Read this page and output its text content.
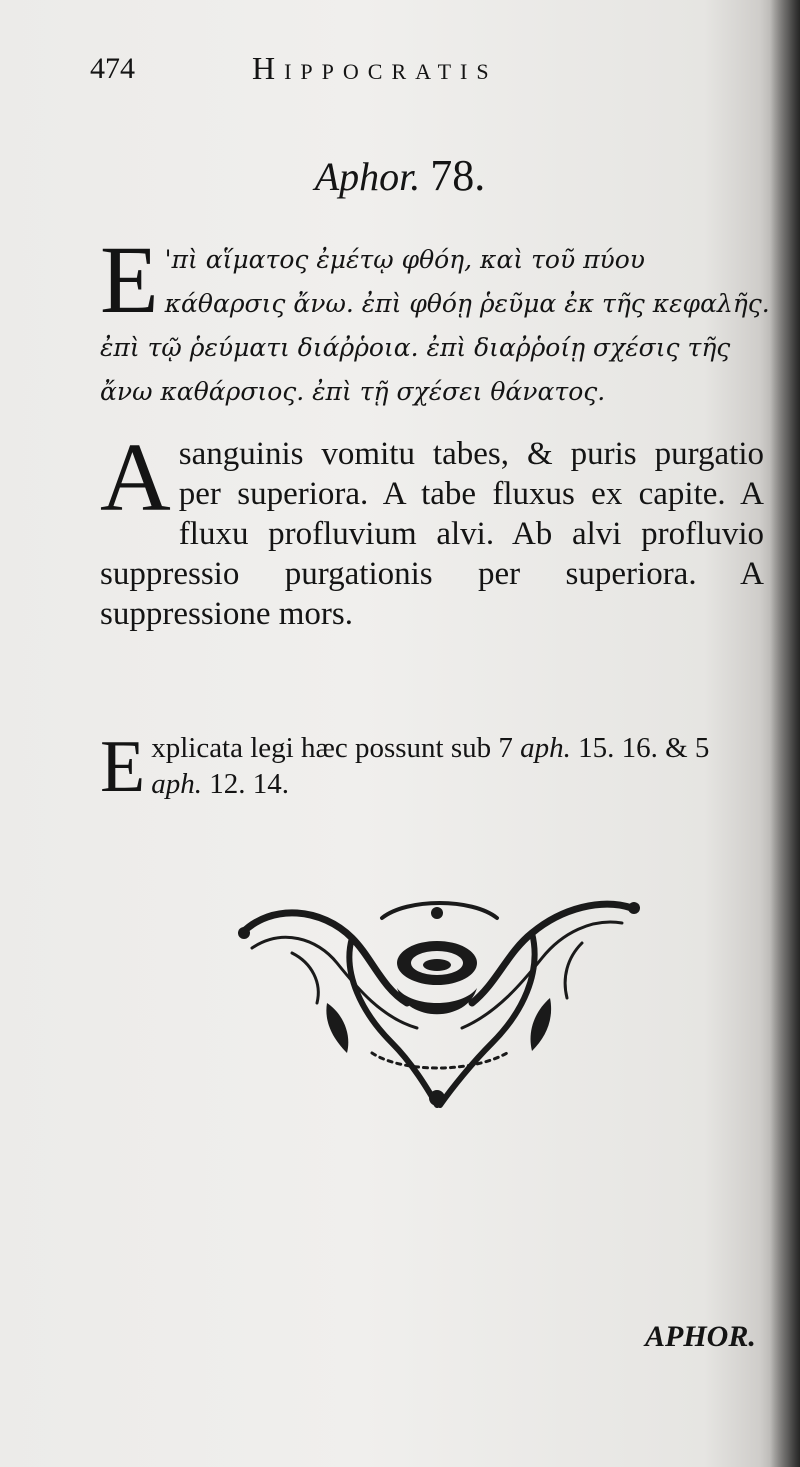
474	Hippocratis
Aphor. 78.
E 'πὶ αἵματος ἐμέτῳ φθόη, καὶ τοῦ πύου κάθαρσις ἄνω. ἐπὶ φθόῃ ῥεῦμα ἐκ τῆς κεφαλῆς. ἐπὶ τῷ ῥεύματι διάῤῥοια. ἐπὶ διαῤῥοίῃ σχέσις τῆς ἄνω καθάρσιος. ἐπὶ τῇ σχέσει θάνατος.
Asanguinis vomitu tabes, & puris purgatio per superiora. A tabe fluxus ex capite. A fluxu profluvium alvi. Ab alvi profluvio suppressio purgationis per superiora. A suppressione mors.
Explicata legi hæc possunt sub 7 aph. 15. 16. & 5 aph. 12. 14.
APHOR.
